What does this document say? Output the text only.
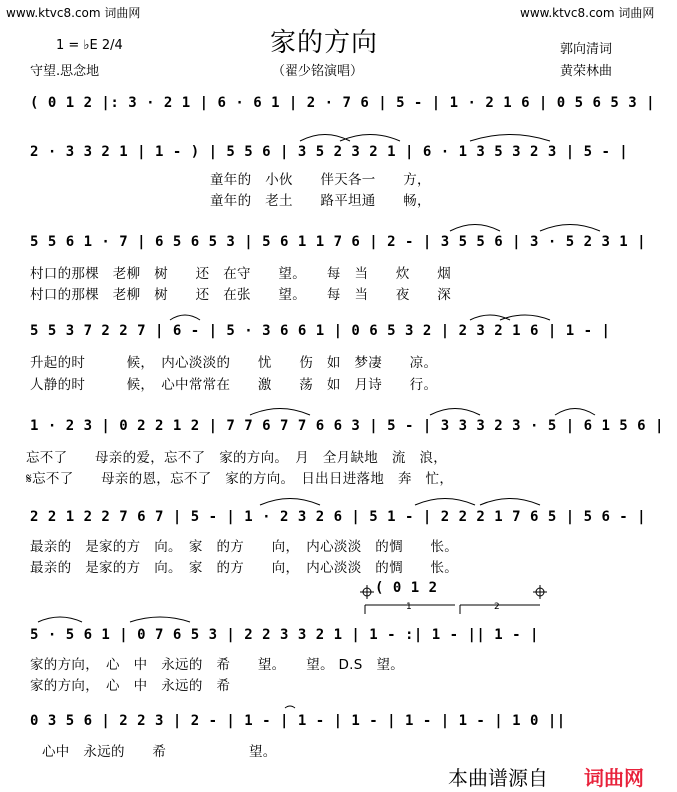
www.ktvc8.com 词曲网	www.ktvc8.com 词曲网
家的方向
1 = ♭E 2/4
守望.思念地	（翟少铭演唱）
郭向清词
黄荣林曲
( 0 1 2 |: 3 · 2 1 | 6 · 6 1 | 2 · 7 6 | 5 - | 1 · 2 1 6 | 0 5 6 5 3 |
2 · 3 3 2 1 | 1 - ) | 5 5 6 | 3 5 2 3 2 1 | 6 · 1 3 5 3 2 3 | 5 - |
童年的　小伙　　伴天各一　　方，
童年的　老土　　路平坦通　　畅，
5 5 6 1 · 7 | 6 5 6 5 3 | 5 6 1 1 7 6 | 2 - | 3 5 5 6 | 3 · 5 2 3 1 |
村口的那棵　老柳　树　　还　在守　　望。　　每　当　　炊　　烟
村口的那棵　老柳　树　　还　在张　　望。　　每　当　　夜　　深
5 5 3 7 2 2 7 | 6 - | 5 · 3 6 6 1 | 0 6 5 3 2 | 2 3 2 1 6 | 1 - |
升起的时　　　候，　内心淡淡的　　忧　　伤　如　梦凄　　凉。
人静的时　　　候，　心中常常在　　激　　荡　如　月诗　　行。
1 · 2 3 | 0 2 2 1 2 | 7 7 6 7 7 6 6 3 | 5 - | 3 3 3 2 3 · 5 | 6 1 5 6 |
忘不了　　母亲的爱，忘不了　家的方向。　月　全月缺地　流　浪，
𝄋忘不了　　母亲的恩，忘不了　家的方向。　日出日进落地　奔　忙，
2 2 1 2 2 7 6 7 | 5 - | 1 · 2 3 2 6 | 5 1 - | 2 2 2 1 7 6 5 | 5 6 - |
最亲的　是家的方　向。　家　的方　　向，　内心淡淡　的惆　　怅。
最亲的　是家的方　向。　家　的方　　向，　内心淡淡　的惆　　怅。
( 0 1 2
1	2
5 · 5 6 1 | 0 7 6 5 3 | 2 2 3 3 2 1 | 1 - :| 1 - || 1 - |
家的方向，　心　中　永远的　希　　望。　　望。 D.S　望。
家的方向，　心　中　永远的　希
0 3 5 6 | 2 2 3 | 2 - | 1 - | 1 - | 1 - | 1 - | 1 - | 1 0 ||
心中　永远的　　希　　　　　　望。
本曲谱源自 词曲网
